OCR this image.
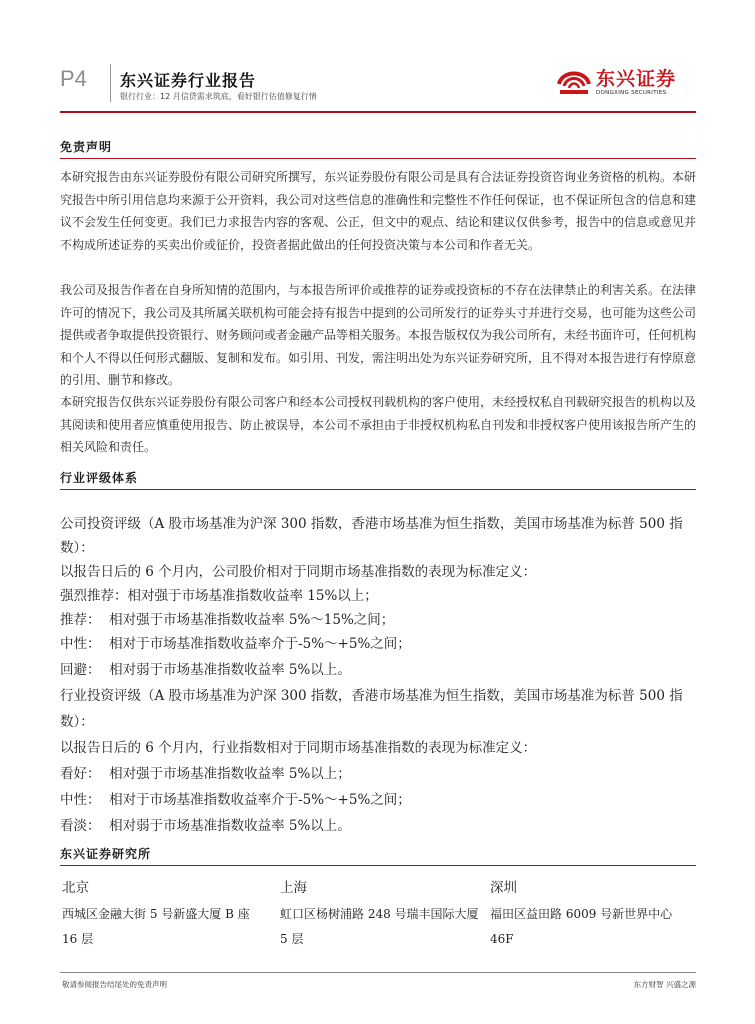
P4 东兴证券行业报告
银行行业：12 月信贷需求筑底，看好银行估值修复行情
东兴证券
DONGXING SECURITIES
免责声明

本研究报告由东兴证券股份有限公司研究所撰写，东兴证券股份有限公司是具有合法证券投资咨询业务资格的机构。本研究报告中所引用信息均来源于公开资料，我公司对这些信息的准确性和完整性不作任何保证，也不保证所包含的信息和建议不会发生任何变更。我们已力求报告内容的客观、公正，但文中的观点、结论和建议仅供参考，报告中的信息或意见并不构成所述证券的买卖出价或征价，投资者据此做出的任何投资决策与本公司和作者无关。

我公司及报告作者在自身所知情的范围内，与本报告所评价或推荐的证券或投资标的不存在法律禁止的利害关系。在法律许可的情况下，我公司及其所属关联机构可能会持有报告中提到的公司所发行的证券头寸并进行交易，也可能为这些公司提供或者争取提供投资银行、财务顾问或者金融产品等相关服务。本报告版权仅为我公司所有，未经书面许可，任何机构和个人不得以任何形式翻版、复制和发布。如引用、刊发，需注明出处为东兴证券研究所，且不得对本报告进行有悖原意的引用、删节和修改。

本研究报告仅供东兴证券股份有限公司客户和经本公司授权刊载机构的客户使用，未经授权私自刊载研究报告的机构以及其阅读和使用者应慎重使用报告、防止被误导，本公司不承担由于非授权机构私自刊发和非授权客户使用该报告所产生的相关风险和责任。

行业评级体系
公司投资评级（A 股市场基准为沪深 300 指数，香港市场基准为恒生指数，美国市场基准为标普 500 指
数）：
以报告日后的 6 个月内，公司股价相对于同期市场基准指数的表现为标准定义：
强烈推荐：相对强于市场基准指数收益率 15%以上；
推荐：  相对强于市场基准指数收益率 5%～15%之间；
中性：  相对于市场基准指数收益率介于-5%～+5%之间；
回避：  相对弱于市场基准指数收益率 5%以上。
行业投资评级（A 股市场基准为沪深 300 指数，香港市场基准为恒生指数，美国市场基准为标普 500 指
数）：
以报告日后的 6 个月内，行业指数相对于同期市场基准指数的表现为标准定义：
看好：  相对强于市场基准指数收益率 5%以上；
中性：  相对于市场基准指数收益率介于-5%～+5%之间；
看淡：  相对弱于市场基准指数收益率 5%以上。
东兴证券研究所
北京
西城区金融大街 5 号新盛大厦 B 座 16 层
上海
虹口区杨树浦路 248 号瑞丰国际大厦 5 层
深圳
福田区益田路 6009 号新世界中心 46F
敬请参阅报告结尾处的免责声明	东方财智 兴盛之源
